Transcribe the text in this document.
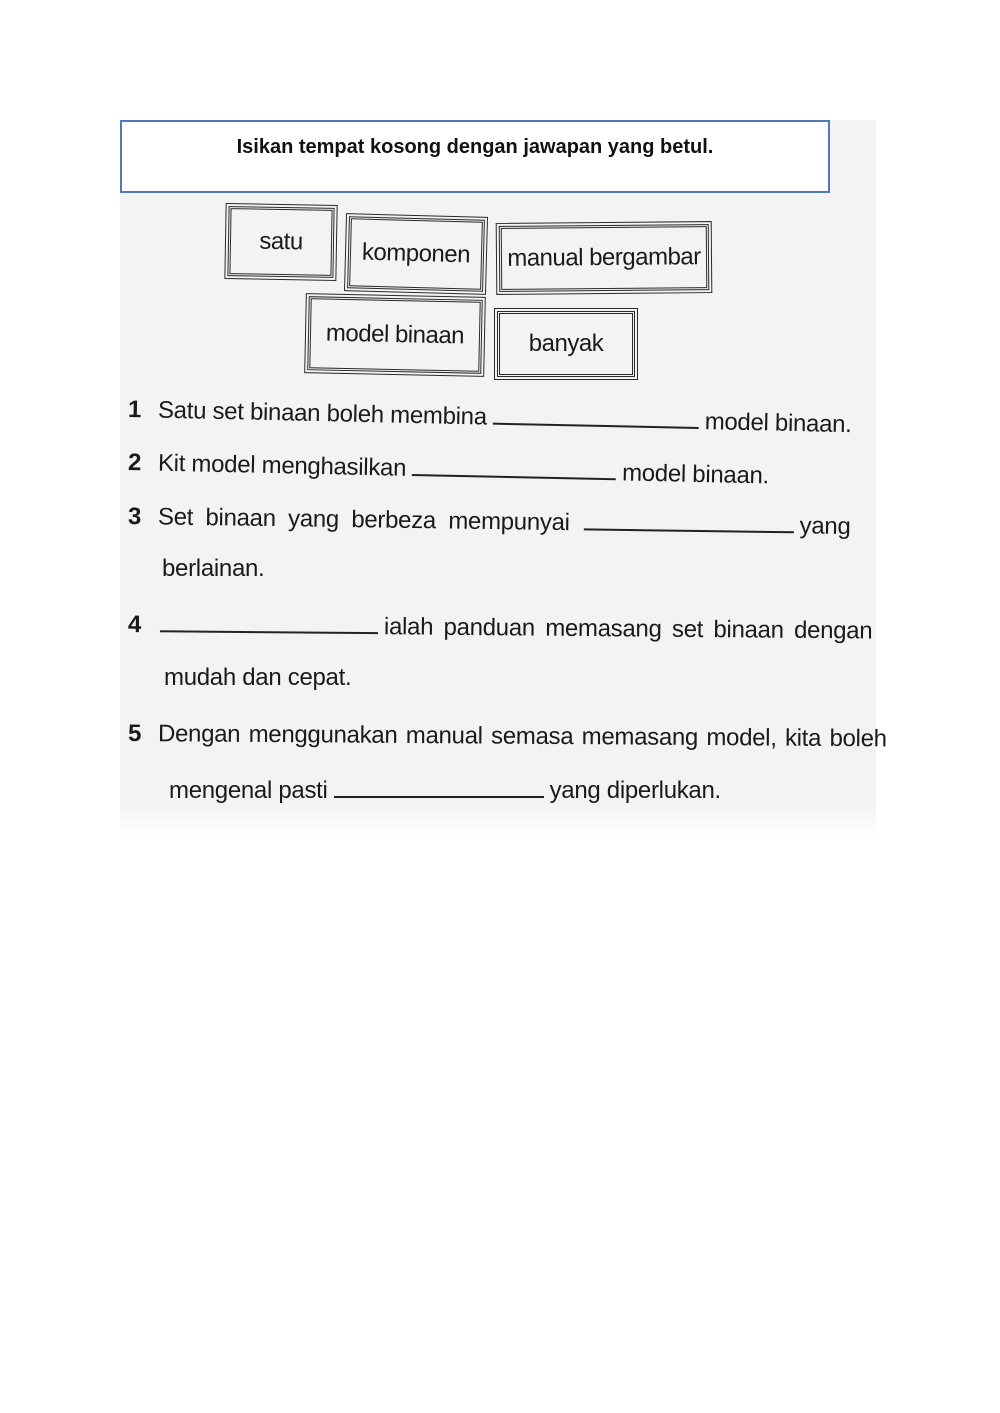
Isikan tempat kosong dengan jawapan yang betul.
satu	komponen	manual bergambar
model binaan	banyak
1 Satu set binaan boleh membina	model binaan.
2 Kit model menghasilkan	model binaan.
3 Set binaan yang berbeza mempunyai	yang
berlainan.
4	ialah panduan memasang set binaan dengan
mudah dan cepat.
5 Dengan menggunakan manual semasa memasang model, kita boleh
mengenal pasti	yang diperlukan.
